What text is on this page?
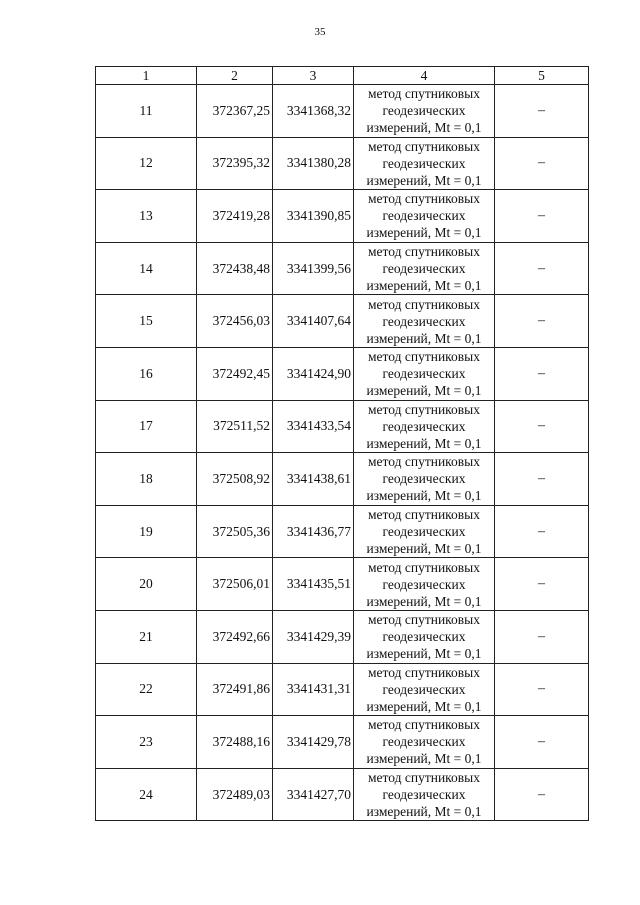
35
1	2	3	4	5
11	372367,25	3341368,32	метод спутниковых
геодезических
измерений, Mt = 0,1	–
12	372395,32	3341380,28	метод спутниковых
геодезических
измерений, Mt = 0,1	–
13	372419,28	3341390,85	метод спутниковых
геодезических
измерений, Mt = 0,1	–
14	372438,48	3341399,56	метод спутниковых
геодезических
измерений, Mt = 0,1	–
15	372456,03	3341407,64	метод спутниковых
геодезических
измерений, Mt = 0,1	–
16	372492,45	3341424,90	метод спутниковых
геодезических
измерений, Mt = 0,1	–
17	372511,52	3341433,54	метод спутниковых
геодезических
измерений, Mt = 0,1	–
18	372508,92	3341438,61	метод спутниковых
геодезических
измерений, Mt = 0,1	–
19	372505,36	3341436,77	метод спутниковых
геодезических
измерений, Mt = 0,1	–
20	372506,01	3341435,51	метод спутниковых
геодезических
измерений, Mt = 0,1	–
21	372492,66	3341429,39	метод спутниковых
геодезических
измерений, Mt = 0,1	–
22	372491,86	3341431,31	метод спутниковых
геодезических
измерений, Mt = 0,1	–
23	372488,16	3341429,78	метод спутниковых
геодезических
измерений, Mt = 0,1	–
24	372489,03	3341427,70	метод спутниковых
геодезических
измерений, Mt = 0,1	–
